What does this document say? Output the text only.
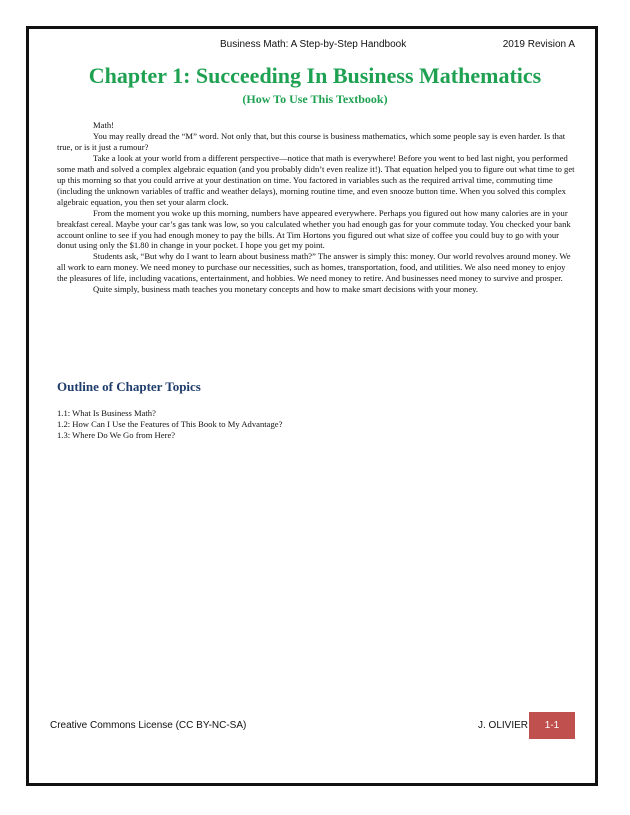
Business Math: A Step-by-Step Handbook	2019 Revision A
Chapter 1: Succeeding In Business Mathematics
(How To Use This Textbook)

Math!

You may really dread the “M” word. Not only that, but this course is business mathematics, which some people say is even harder. Is that true, or is it just a rumour?

Take a look at your world from a different perspective—notice that math is everywhere! Before you went to bed last night, you performed some math and solved a complex algebraic equation (and you probably didn’t even realize it!). That equation helped you to figure out what time to get up this morning so that you could arrive at your destination on time. You factored in variables such as the required arrival time, commuting time (including the unknown variables of traffic and weather delays), morning routine time, and even snooze button time. When you solved this complex algebraic equation, you then set your alarm clock.

From the moment you woke up this morning, numbers have appeared everywhere. Perhaps you figured out how many calories are in your breakfast cereal. Maybe your car’s gas tank was low, so you calculated whether you had enough gas for your commute today. You checked your bank account online to see if you had enough money to pay the bills. At Tim Hortons you figured out what size of coffee you could buy to go with your donut using only the $1.80 in change in your pocket. I hope you get my point.

Students ask, “But why do I want to learn about business math?” The answer is simply this: money. Our world revolves around money. We all work to earn money. We need money to purchase our necessities, such as homes, transportation, food, and utilities. We also need money to enjoy the pleasures of life, including vacations, entertainment, and hobbies. We need money to retire. And businesses need money to survive and prosper.

Quite simply, business math teaches you monetary concepts and how to make smart decisions with your money.

Outline of Chapter Topics
1.1: What Is Business Math?
1.2: How Can I Use the Features of This Book to My Advantage?
1.3: Where Do We Go from Here?
Creative Commons License (CC BY-NC-SA)	J. OLIVIER	1-1
